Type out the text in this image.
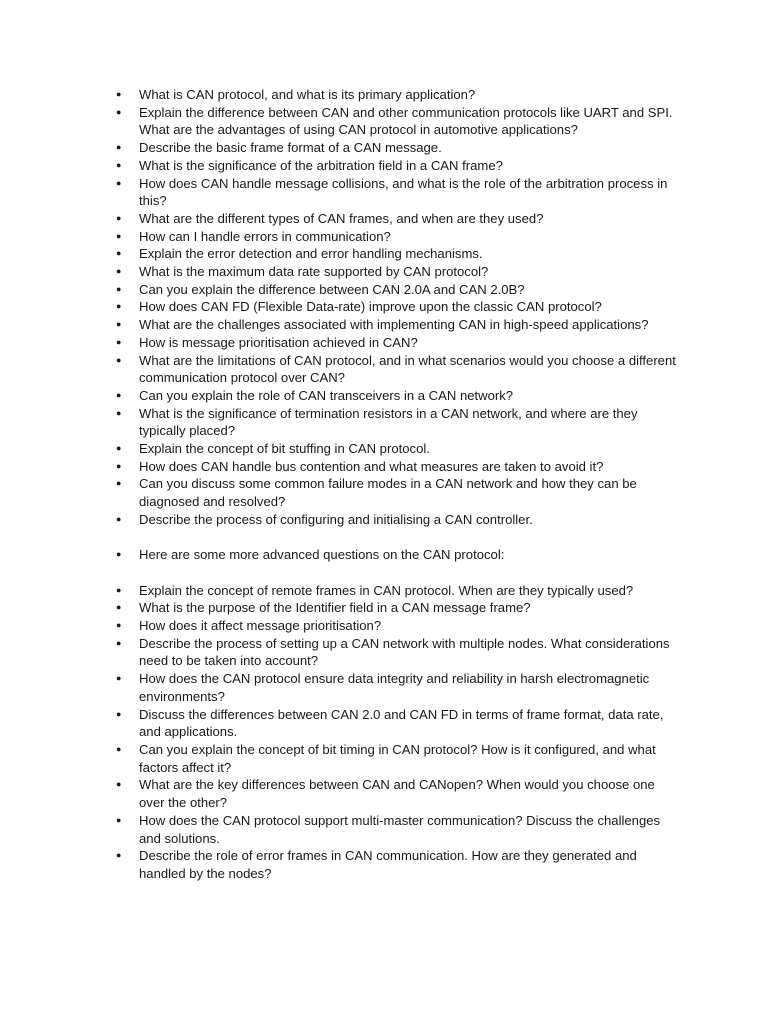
● What is CAN protocol, and what is its primary application?
● Explain the difference between CAN and other communication protocols like UART and SPI. What are the advantages of using CAN protocol in automotive applications?
● Describe the basic frame format of a CAN message.
● What is the significance of the arbitration field in a CAN frame?
● How does CAN handle message collisions, and what is the role of the arbitration process in this?
● What are the different types of CAN frames, and when are they used?
● How can I handle errors in communication?
● Explain the error detection and error handling mechanisms.
● What is the maximum data rate supported by CAN protocol?
● Can you explain the difference between CAN 2.0A and CAN 2.0B?
● How does CAN FD (Flexible Data-rate) improve upon the classic CAN protocol?
● What are the challenges associated with implementing CAN in high-speed applications?
● How is message prioritisation achieved in CAN?
● What are the limitations of CAN protocol, and in what scenarios would you choose a different communication protocol over CAN?
● Can you explain the role of CAN transceivers in a CAN network?
● What is the significance of termination resistors in a CAN network, and where are they typically placed?
● Explain the concept of bit stuffing in CAN protocol.
● How does CAN handle bus contention and what measures are taken to avoid it?
● Can you discuss some common failure modes in a CAN network and how they can be diagnosed and resolved?
● Describe the process of configuring and initialising a CAN controller.
● Here are some more advanced questions on the CAN protocol:
● Explain the concept of remote frames in CAN protocol. When are they typically used?
● What is the purpose of the Identifier field in a CAN message frame?
● How does it affect message prioritisation?
● Describe the process of setting up a CAN network with multiple nodes. What considerations need to be taken into account?
● How does the CAN protocol ensure data integrity and reliability in harsh electromagnetic environments?
● Discuss the differences between CAN 2.0 and CAN FD in terms of frame format, data rate, and applications.
● Can you explain the concept of bit timing in CAN protocol? How is it configured, and what factors affect it?
● What are the key differences between CAN and CANopen? When would you choose one over the other?
● How does the CAN protocol support multi-master communication? Discuss the challenges and solutions.
● Describe the role of error frames in CAN communication. How are they generated and handled by the nodes?
